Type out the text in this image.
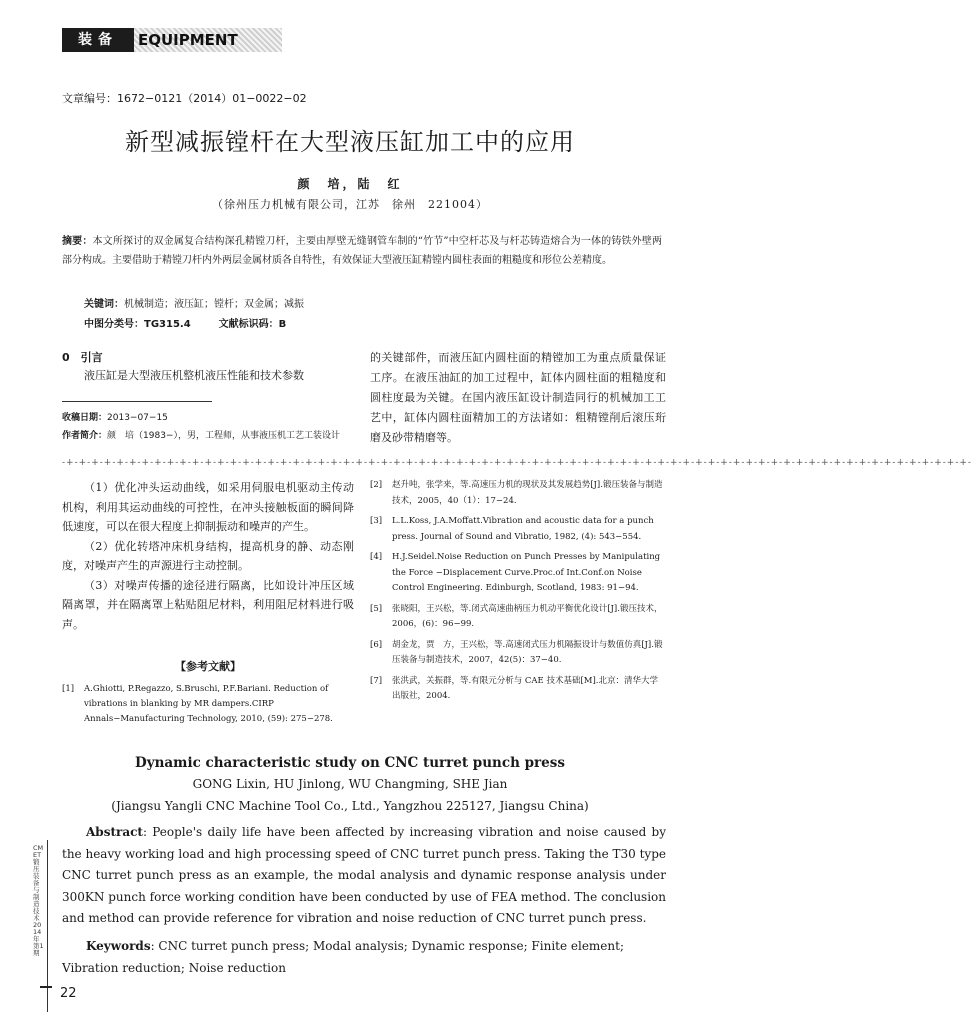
装备	EQUIPMENT
文章编号：1672−0121（2014）01−0022−02
新型减振镗杆在大型液压缸加工中的应用
颜　培，陆　红
（徐州压力机械有限公司，江苏　徐州　221004）
摘要：本文所探讨的双金属复合结构深孔精镗刀杆，主要由厚壁无缝钢管车制的“竹节”中空杆芯及与杆芯铸造熔合为一体的铸铁外壁两部分构成。主要借助于精镗刀杆内外两层金属材质各自特性，有效保证大型液压缸精镗内圆柱表面的粗糙度和形位公差精度。
关键词：机械制造；液压缸；镗杆；双金属；减振
中图分类号：TG315.4	文献标识码：B
0　引言
液压缸是大型液压机整机液压性能和技术参数
收稿日期：2013−07−15
作者简介：颜　培（1983−），男，工程师，从事液压机工艺工装设计
的关键部件，而液压缸内圆柱面的精镗加工为重点质量保证工序。在液压油缸的加工过程中，缸体内圆柱面的粗糙度和圆柱度最为关键。在国内液压缸设计制造同行的机械加工工艺中，缸体内圆柱面精加工的方法诸如：粗精镗削后滚压珩磨及砂带精磨等。
-+-+-+-+-+-+-+-+-+-+-+-+-+-+-+-+-+-+-+-+-+-+-+-+-+-+-+-+-+-+-+-+-+-+-+-+-+-+-+-+-+-+-+-+-+-+-+-+-+-+-+-+-+-+-+-+-+-+-+-+-+-+-+-+-+-+-+-+-+-+-+-+-

（1）优化冲头运动曲线，如采用伺服电机驱动主传动机构，利用其运动曲线的可控性，在冲头接触板面的瞬间降低速度，可以在很大程度上抑制振动和噪声的产生。

（2）优化转塔冲床机身结构，提高机身的静、动态刚度，对噪声产生的声源进行主动控制。

（3）对噪声传播的途径进行隔离，比如设计冲压区域隔离罩，并在隔离罩上粘贴阻尼材料，利用阻尼材料进行吸声。

【参考文献】
[1]	A.Ghiotti, P.Regazzo, S.Bruschi, P.F.Bariani. Reduction of vibrations in blanking by MR dampers.CIRP Annals−Manufacturing Technology, 2010, (59): 275−278.
[2]	赵升吨，张学来，等.高速压力机的现状及其发展趋势[J].锻压装备与制造技术，2005，40（1）：17−24.
[3]	L.L.Koss, J.A.Moffatt.Vibration and acoustic data for a punch press. Journal of Sound and Vibratio, 1982, (4): 543−554.
[4]	H.J.Seidel.Noise Reduction on Punch Presses by Manipulating the Force −Displacement Curve.Proc.of Int.Conf.on Noise Control Engineering. Edinburgh, Scotland, 1983: 91−94.
[5]	张晓阳，王兴松，等.闭式高速曲柄压力机动平衡优化设计[J].锻压技术，2006，(6)：96−99.
[6]	胡金龙，贾　方，王兴松，等.高速闭式压力机隔振设计与数值仿真[J].锻压装备与制造技术，2007，42(5)：37−40.
[7]	张洪武，关振群，等.有限元分析与 CAE 技术基础[M].北京：清华大学出版社，2004.
Dynamic characteristic study on CNC turret punch press
GONG Lixin, HU Jinlong, WU Changming, SHE Jian
(Jiangsu Yangli CNC Machine Tool Co., Ltd., Yangzhou 225127, Jiangsu China)

Abstract: People's daily life have been affected by increasing vibration and noise caused by the heavy working load and high processing speed of CNC turret punch press. Taking the T30 type CNC turret punch press as an example, the modal analysis and dynamic response analysis under 300KN punch force working condition have been conducted by use of FEA method. The conclusion and method can provide reference for vibration and noise reduction of CNC turret punch press.

Keywords: CNC turret punch press; Modal analysis; Dynamic response; Finite element; Vibration reduction; Noise reduction
CMET锻压装备与制造技术 2014年第1期
22
